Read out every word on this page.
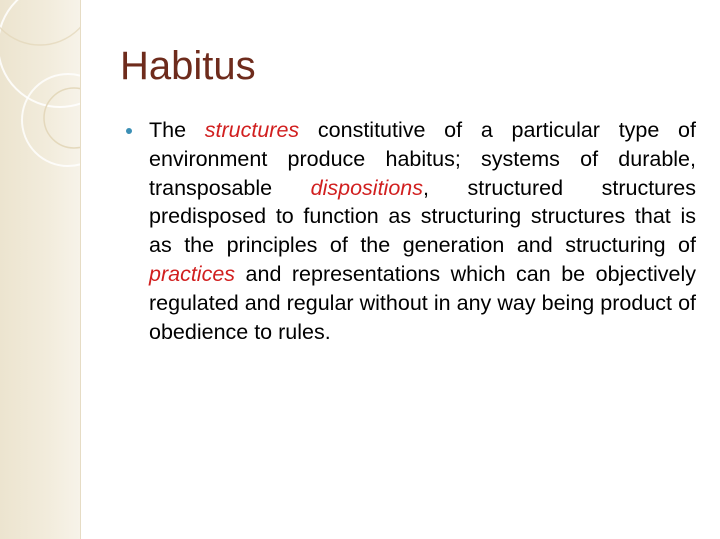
Habitus

The structures constitutive of a particular type of environment produce habitus; systems of durable, transposable dispositions, structured structures predisposed to function as structuring structures that is as the principles of the generation and structuring of practices and representations which can be objectively regulated and regular without in any way being product of obedience to rules.
